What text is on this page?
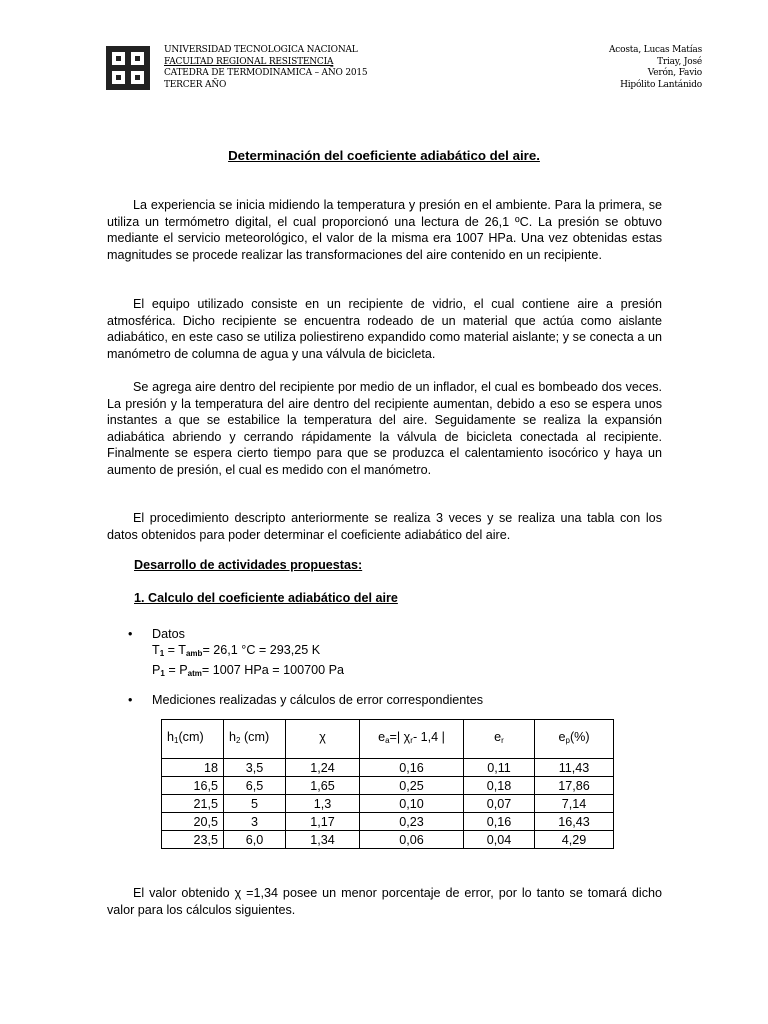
UNIVERSIDAD TECNOLOGICA NACIONAL
FACULTAD REGIONAL RESISTENCIA
CATEDRA DE TERMODINAMICA – AÑO 2015
TERCER AÑO
Acosta, Lucas Matías
Triay, José
Verón, Favio
Hipólito Lantánido
Determinación del coeficiente adiabático del aire.

La experiencia se inicia midiendo la temperatura y presión en el ambiente. Para la primera, se utiliza un termómetro digital, el cual proporcionó una lectura de 26,1 ºC. La presión se obtuvo mediante el servicio meteorológico, el valor de la misma era 1007 HPa. Una vez obtenidas estas magnitudes se procede realizar las transformaciones del aire contenido en un recipiente.

El equipo utilizado consiste en un recipiente de vidrio, el cual contiene aire a presión atmosférica. Dicho recipiente se encuentra rodeado de un material que actúa como aislante adiabático, en este caso se utiliza poliestireno expandido como material aislante; y se conecta a un manómetro de columna de agua y una válvula de bicicleta.

Se agrega aire dentro del recipiente por medio de un inflador, el cual es bombeado dos veces. La presión y la temperatura del aire dentro del recipiente aumentan, debido a eso se espera unos instantes a que se estabilice la temperatura del aire. Seguidamente se realiza la expansión adiabática abriendo y cerrando rápidamente la válvula de bicicleta conectada al recipiente. Finalmente se espera cierto tiempo para que se produzca el calentamiento isocórico y haya un aumento de presión, el cual es medido con el manómetro.

El procedimiento descripto anteriormente se realiza 3 veces y se realiza una tabla con los datos obtenidos para poder determinar el coeficiente adiabático del aire.

Desarrollo de actividades propuestas:
1. Calculo del coeficiente adiabático del aire
• Datos
$T_1 = T_{amb}= 26,1$ °C = 293,25 K
$P_1 = P_{atm}= 1007$ HPa = 100700 Pa
• Mediciones realizadas y cálculos de error correspondientes
$h_1(cm)$	$h_2$ (cm)	χ	$e_a=|$ $\chi_r-$ 1,4 |	$e_r$	$e_p(\%)$
18	3,5	1,24	0,16	0,11	11,43
16,5	6,5	1,65	0,25	0,18	17,86
21,5	5	1,3	0,10	0,07	7,14
20,5	3	1,17	0,23	0,16	16,43
23,5	6,0	1,34	0,06	0,04	4,29

El valor obtenido χ =1,34 posee un menor porcentaje de error, por lo tanto se tomará dicho valor para los cálculos siguientes.
